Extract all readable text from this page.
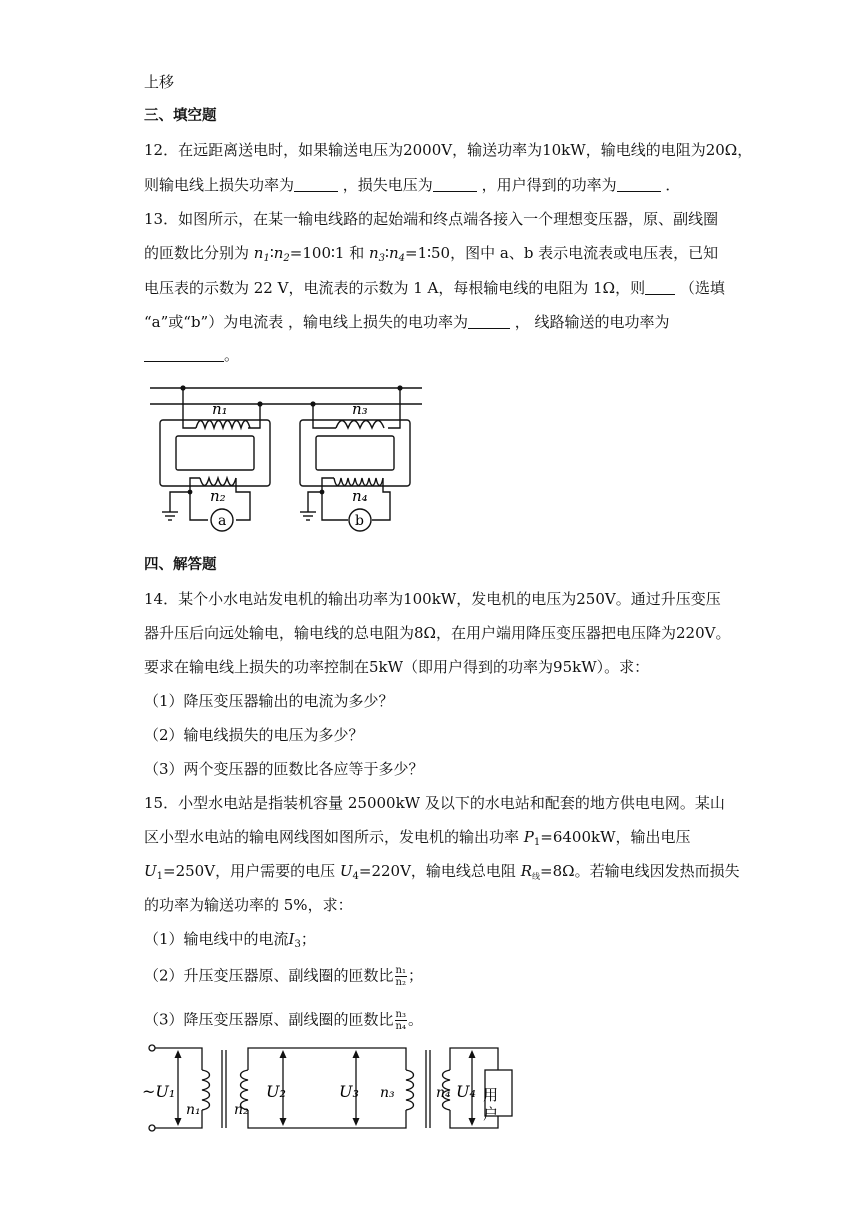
上移
三、填空题
12．在远距离送电时，如果输送电压为2000V，输送功率为10kW，输电线的电阻为20Ω，
则输电线上损失功率为	，损失电压为	，用户得到的功率为	．
13．如图所示，在某一输电线路的起始端和终点端各接入一个理想变压器，原、副线圈
的匝数比分别为 $n_1∶n_2=100∶1$ 和 $n_3∶n_4=1∶50$，图中 a、b 表示电流表或电压表，已知
电压表的示数为 22 V，电流表的示数为 1 A，每根输电线的电阻为 1Ω，则 （选填
“a”或“b”）为电流表 ，输电线上损失的电功率为	， 线路输送的电功率为
。
n₁
n₂
n₃
n₄
a	b
四、解答题
14．某个小水电站发电机的输出功率为100kW，发电机的电压为250V。通过升压变压
器升压后向远处输电，输电线的总电阻为8Ω，在用户端用降压变压器把电压降为220V。
要求在输电线上损失的功率控制在5kW（即用户得到的功率为95kW）。求：
（1）降压变压器输出的电流为多少？
（2）输电线损失的电压为多少？
（3）两个变压器的匝数比各应等于多少？
15．小型水电站是指装机容量 25000kW 及以下的水电站和配套的地方供电电网。某山
区小型水电站的输电网线图如图所示，发电机的输出功率 $P_1=6400kW$，输出电压
$U_1=250V$，用户需要的电压 $U_4=220V$，输电线总电阻 $R_线=8\Omega$。若输电线因发热而损失
的功率为输送功率的 5%，求：
（1）输电线中的电流$I_3$；
（2）升压变压器原、副线圈的匝数比 $\frac{\text{n₁}}{\text{n₂}}$ ；
（3）降压变压器原、副线圈的匝数比 $\frac{\text{n₃}}{\text{n₄}}$ 。
~U₁
n₁ n₂
U₂	U₃ n₃	n₄ U₄ 用户
